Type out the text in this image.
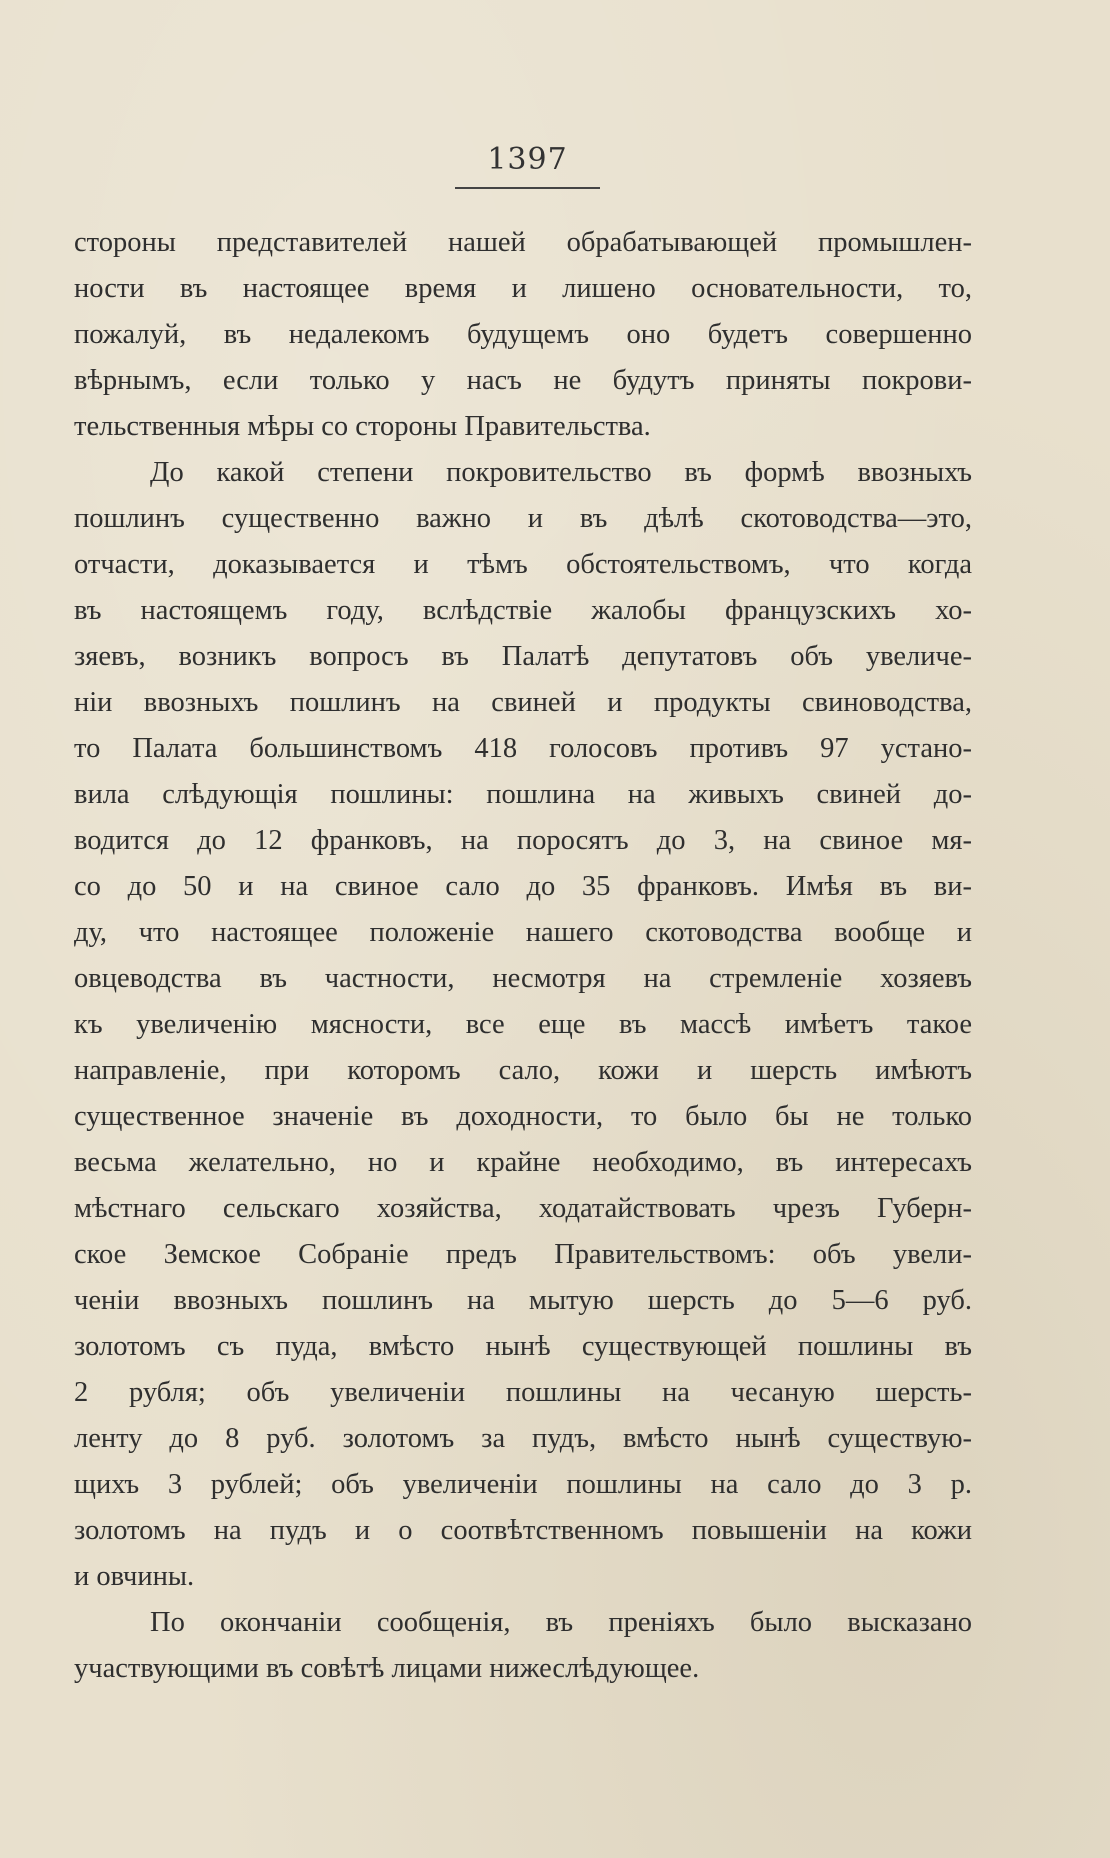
1397
стороны представителей нашей обрабатывающей промышлен-
ности въ настоящее время и лишено основательности, то,
пожалуй, въ недалекомъ будущемъ оно будетъ совершенно
вѣрнымъ, если только у насъ не будутъ приняты покрови-
тельственныя мѣры со стороны Правительства.
До какой степени покровительство въ формѣ ввозныхъ
пошлинъ существенно важно и въ дѣлѣ скотоводства—это,
отчасти, доказывается и тѣмъ обстоятельствомъ, что когда
въ настоящемъ году, вслѣдствіе жалобы французскихъ хо-
зяевъ, возникъ вопросъ въ Палатѣ депутатовъ объ увеличе-
ніи ввозныхъ пошлинъ на свиней и продукты свиноводства,
то Палата большинствомъ 418 голосовъ противъ 97 устано-
вила слѣдующія пошлины: пошлина на живыхъ свиней до-
водится до 12 франковъ, на поросятъ до 3, на свиное мя-
со до 50 и на свиное сало до 35 франковъ. Имѣя въ ви-
ду, что настоящее положеніе нашего скотоводства вообще и
овцеводства въ частности, несмотря на стремленіе хозяевъ
къ увеличенію мясности, все еще въ массѣ имѣетъ такое
направленіе, при которомъ сало, кожи и шерсть имѣютъ
существенное значеніе въ доходности, то было бы не только
весьма желательно, но и крайне необходимо, въ интересахъ
мѣстнаго сельскаго хозяйства, ходатайствовать чрезъ Губерн-
ское Земское Собраніе предъ Правительствомъ: объ увели-
ченіи ввозныхъ пошлинъ на мытую шерсть до 5—6 руб.
золотомъ съ пуда, вмѣсто нынѣ существующей пошлины въ
2 рубля; объ увеличеніи пошлины на чесаную шерсть-
ленту до 8 руб. золотомъ за пудъ, вмѣсто нынѣ существую-
щихъ 3 рублей; объ увеличеніи пошлины на сало до 3 р.
золотомъ на пудъ и о соотвѣтственномъ повышеніи на кожи
и овчины.
По окончаніи сообщенія, въ преніяхъ было высказано
участвующими въ совѣтѣ лицами нижеслѣдующее.
